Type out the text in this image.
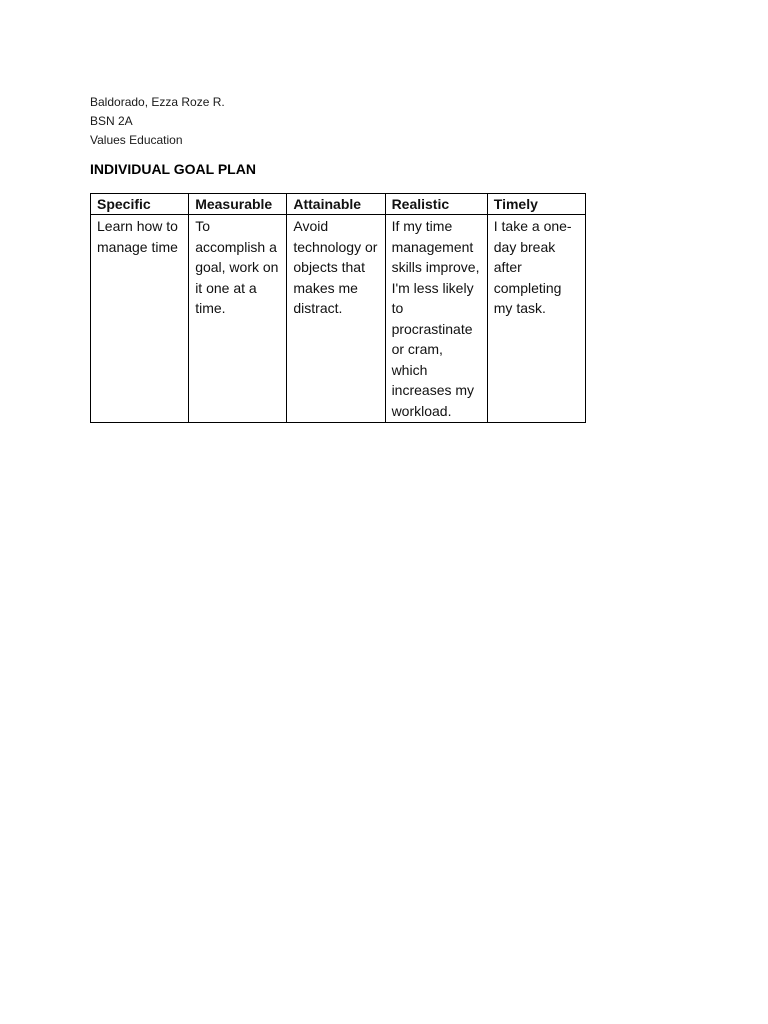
Baldorado, Ezza Roze R.
BSN 2A
Values Education
INDIVIDUAL GOAL PLAN
Specific	Measurable	Attainable	Realistic	Timely
Learn how to manage time	To accomplish a goal, work on it one at a time.	Avoid technology or objects that makes me distract.	If my time management skills improve, I'm less likely to procrastinate or cram, which increases my workload.	I take a one-day break after completing my task.
